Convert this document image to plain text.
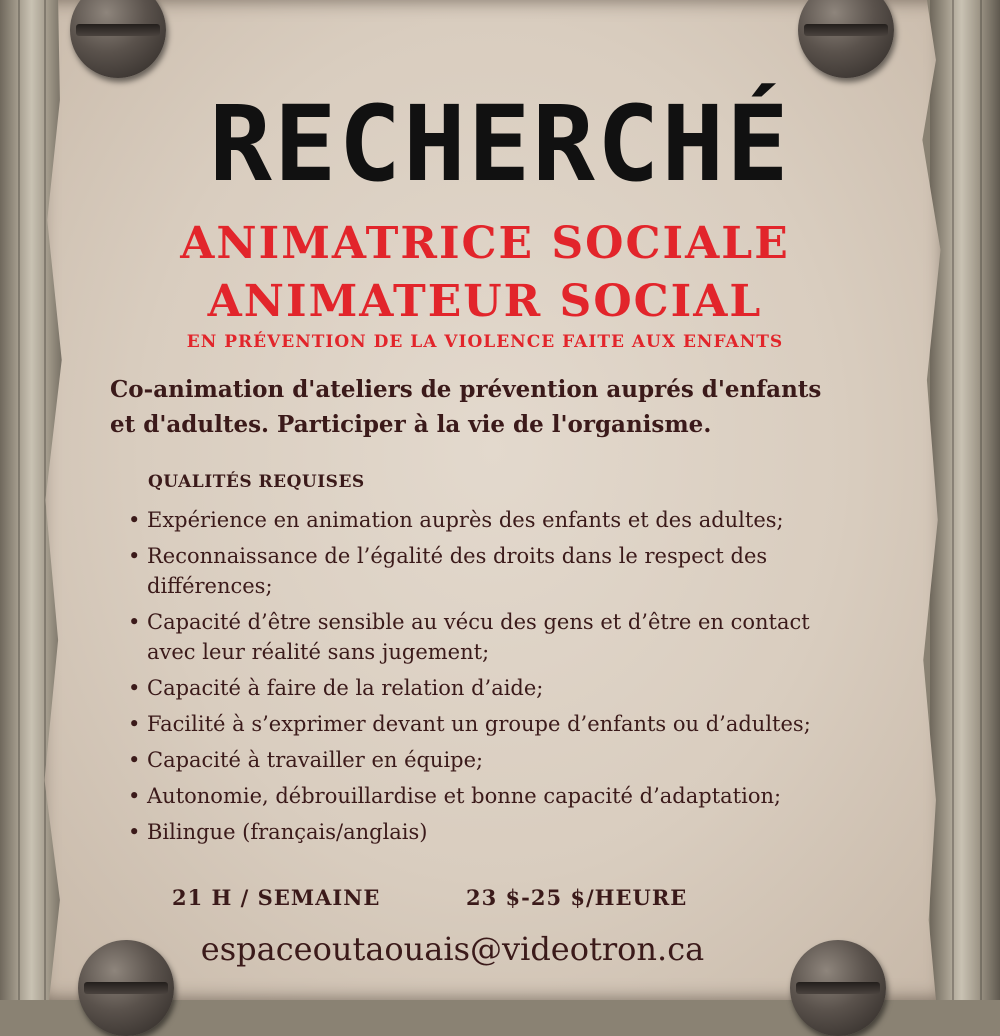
RECHERCHÉ
ANIMATRICE SOCIALE
ANIMATEUR SOCIAL
EN PRÉVENTION DE LA VIOLENCE FAITE AUX ENFANTS
Co-animation d'ateliers de prévention auprés d'enfants et d'adultes. Participer à la vie de l'organisme.
QUALITÉS REQUISES
• Expérience en animation auprès des enfants et des adultes;
• Reconnaissance de l’égalité des droits dans le respect des différences;
• Capacité d’être sensible au vécu des gens et d’être en contact avec leur réalité sans jugement;
• Capacité à faire de la relation d’aide;
• Facilité à s’exprimer devant un groupe d’enfants ou d’adultes;
• Capacité à travailler en équipe;
• Autonomie, débrouillardise et bonne capacité d’adaptation;
• Bilingue (français/anglais)
21 H / SEMAINE	23 $-25 $/HEURE
espaceoutaouais@videotron.ca
